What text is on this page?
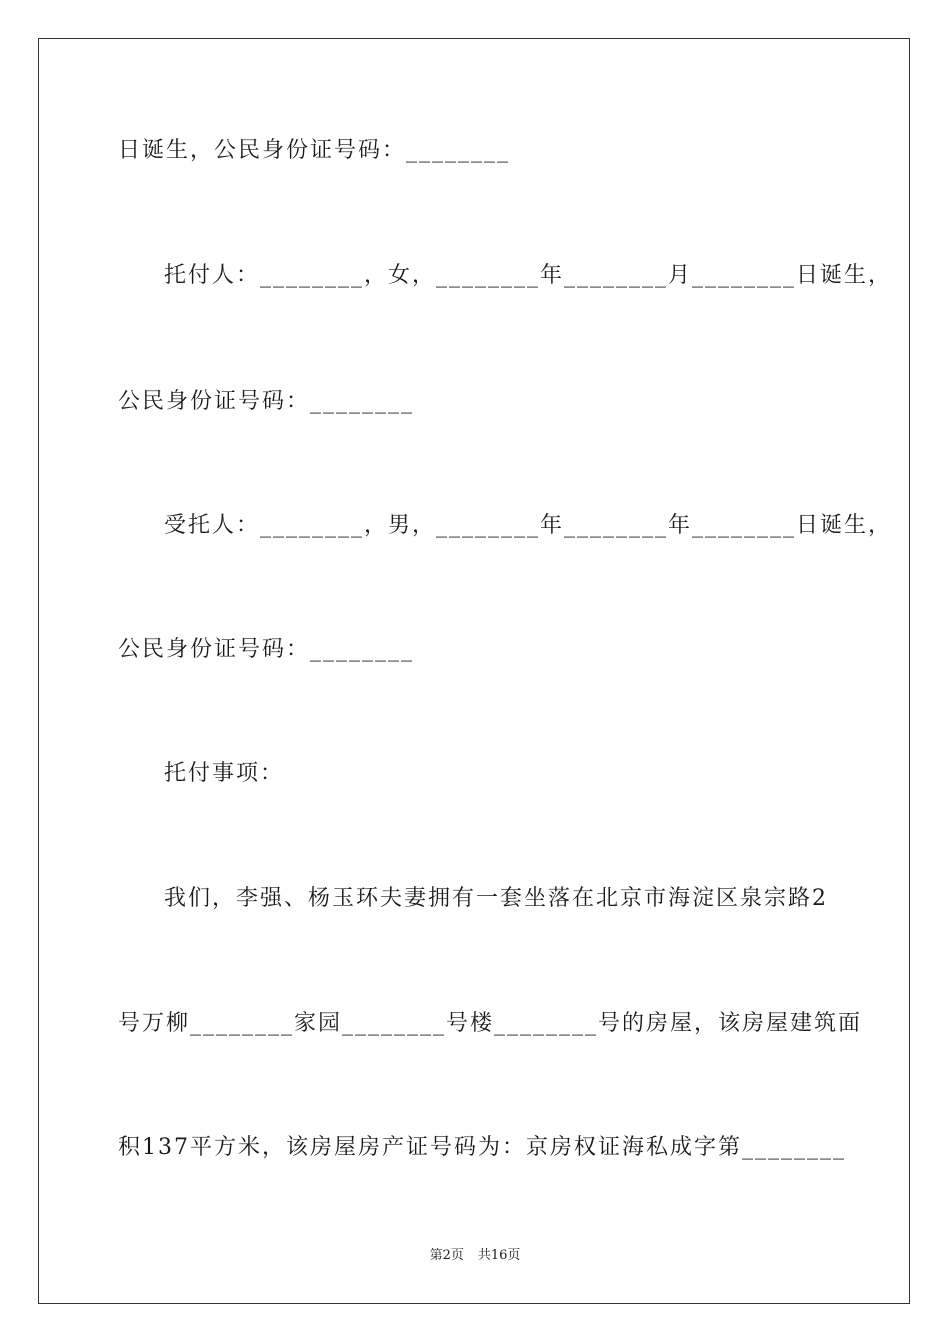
日诞生，公民身份证号码：________
托付人：________，女，________年________月________日诞生，
公民身份证号码：________
受托人：________，男，________年________年________日诞生，
公民身份证号码：________
托付事项：
我们，李强、杨玉环夫妻拥有一套坐落在北京市海淀区泉宗路2
号万柳________家园________号楼________号的房屋，该房屋建筑面
积137平方米，该房屋房产证号码为：京房权证海私成字第________
第2页 共16页
